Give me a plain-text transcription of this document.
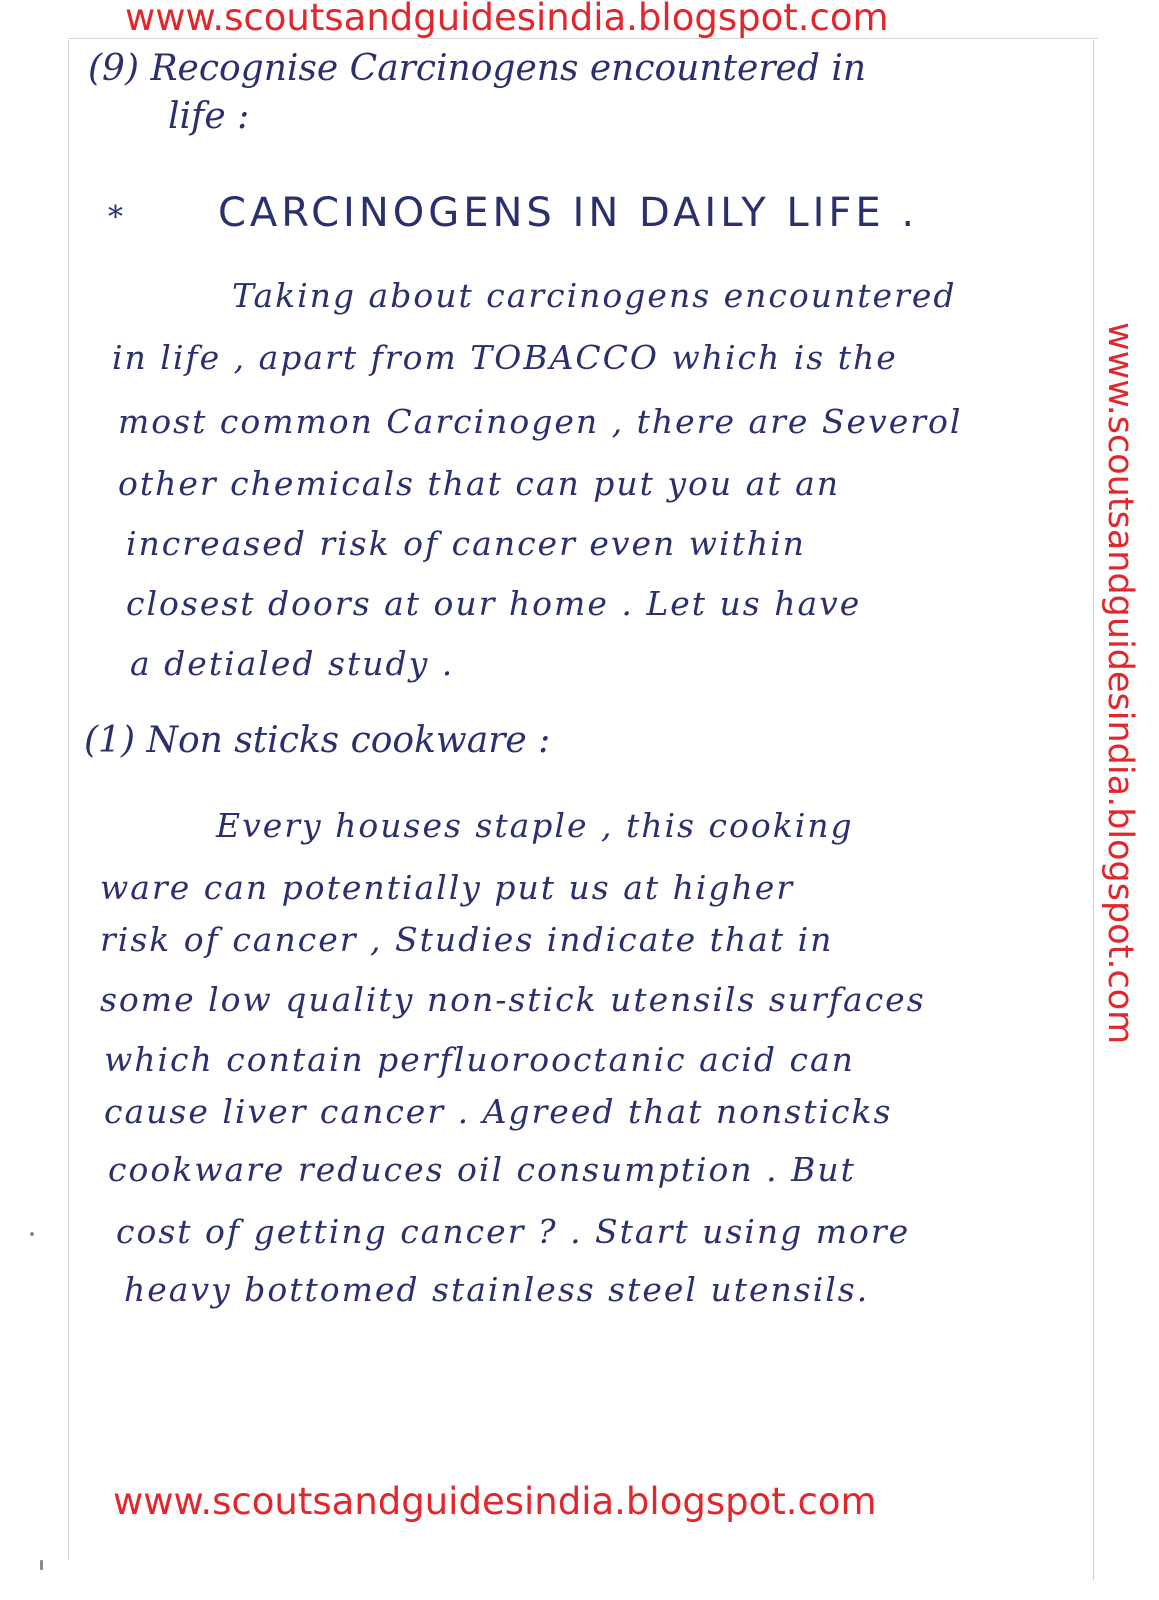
www.scoutsandguidesindia.blogspot.com
www.scoutsandguidesindia.blogspot.com
www.scoutsandguidesindia.blogspot.com
(9) Recognise Carcinogens encountered in
life :
* CARCINOGENS IN DAILY LIFE .
Taking about carcinogens encountered
in life , apart from TOBACCO which is the
most common Carcinogen , there are Severol
other chemicals that can put you at an
increased risk of cancer even within
closest doors at our home . Let us have
a detialed study .
(1) Non sticks cookware :
Every houses staple , this cooking
ware can potentially put us at higher
risk of cancer , Studies indicate that in
some low quality non-stick utensils surfaces
which contain perfluorooctanic acid can
cause liver cancer . Agreed that nonsticks
cookware reduces oil consumption . But
cost of getting cancer ? . Start using more
heavy bottomed stainless steel utensils.
